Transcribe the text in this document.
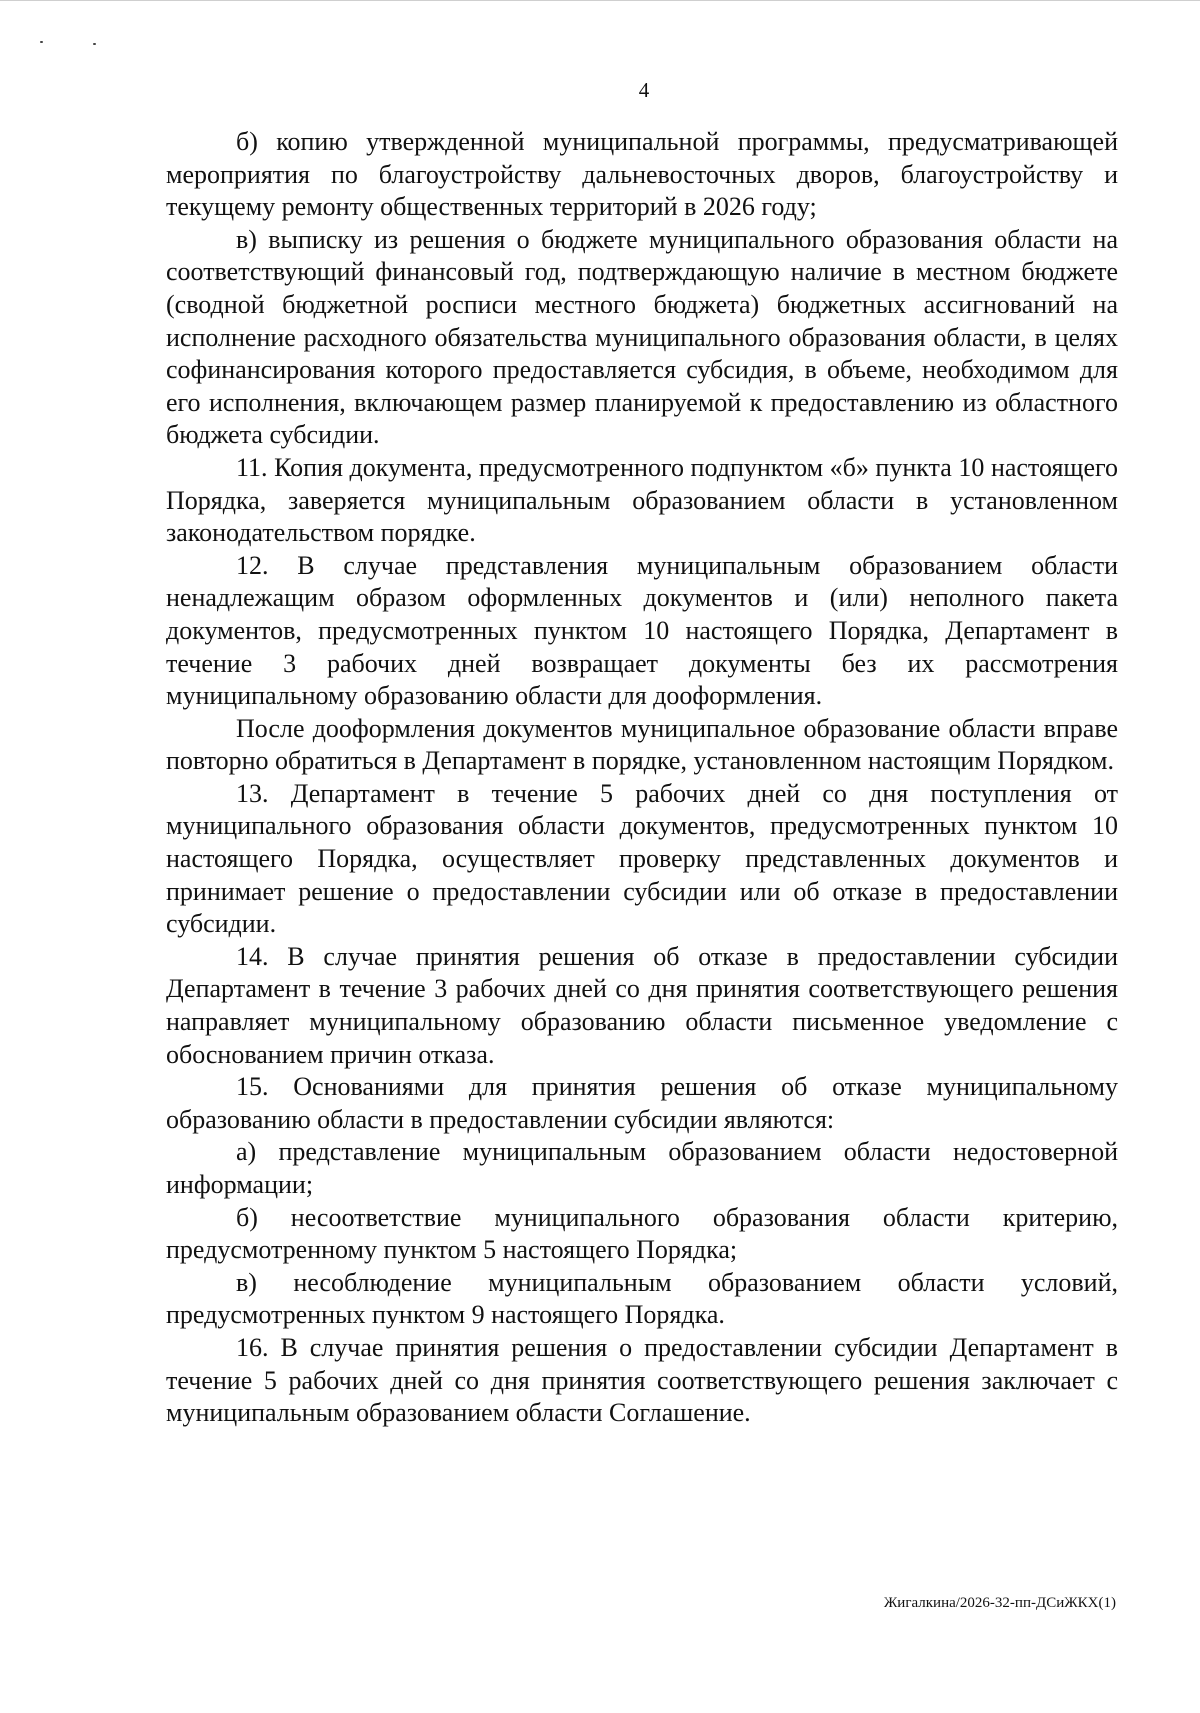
4

б) копию утвержденной муниципальной программы, предусматривающей мероприятия по благоустройству дальневосточных дворов, благоустройству и текущему ремонту общественных территорий в 2026 году;

в) выписку из решения о бюджете муниципального образования области на соответствующий финансовый год, подтверждающую наличие в местном бюджете (сводной бюджетной росписи местного бюджета) бюджетных ассигнований на исполнение расходного обязательства муниципального образования области, в целях софинансирования которого предоставляется субсидия, в объеме, необходимом для его исполнения, включающем размер планируемой к предоставлению из областного бюджета субсидии.

11. Копия документа, предусмотренного подпунктом «б» пункта 10 настоящего Порядка, заверяется муниципальным образованием области в установленном законодательством порядке.

12. В случае представления муниципальным образованием области ненадлежащим образом оформленных документов и (или) неполного пакета документов, предусмотренных пунктом 10 настоящего Порядка, Департамент в течение 3 рабочих дней возвращает документы без их рассмотрения муниципальному образованию области для дооформления.

После дооформления документов муниципальное образование области вправе повторно обратиться в Департамент в порядке, установленном настоящим Порядком.

13. Департамент в течение 5 рабочих дней со дня поступления от муниципального образования области документов, предусмотренных пунктом 10 настоящего Порядка, осуществляет проверку представленных документов и принимает решение о предоставлении субсидии или об отказе в предоставлении субсидии.

14. В случае принятия решения об отказе в предоставлении субсидии Департамент в течение 3 рабочих дней со дня принятия соответствующего решения направляет муниципальному образованию области письменное уведомление с обоснованием причин отказа.

15. Основаниями для принятия решения об отказе муниципальному образованию области в предоставлении субсидии являются:

а) представление муниципальным образованием области недостоверной информации;

б) несоответствие муниципального образования области критерию, предусмотренному пунктом 5 настоящего Порядка;

в) несоблюдение муниципальным образованием области условий, предусмотренных пунктом 9 настоящего Порядка.

16. В случае принятия решения о предоставлении субсидии Департамент в течение 5 рабочих дней со дня принятия соответствующего решения заключает с муниципальным образованием области Соглашение.

Жигалкина/2026-32-пп-ДСиЖКХ(1)
